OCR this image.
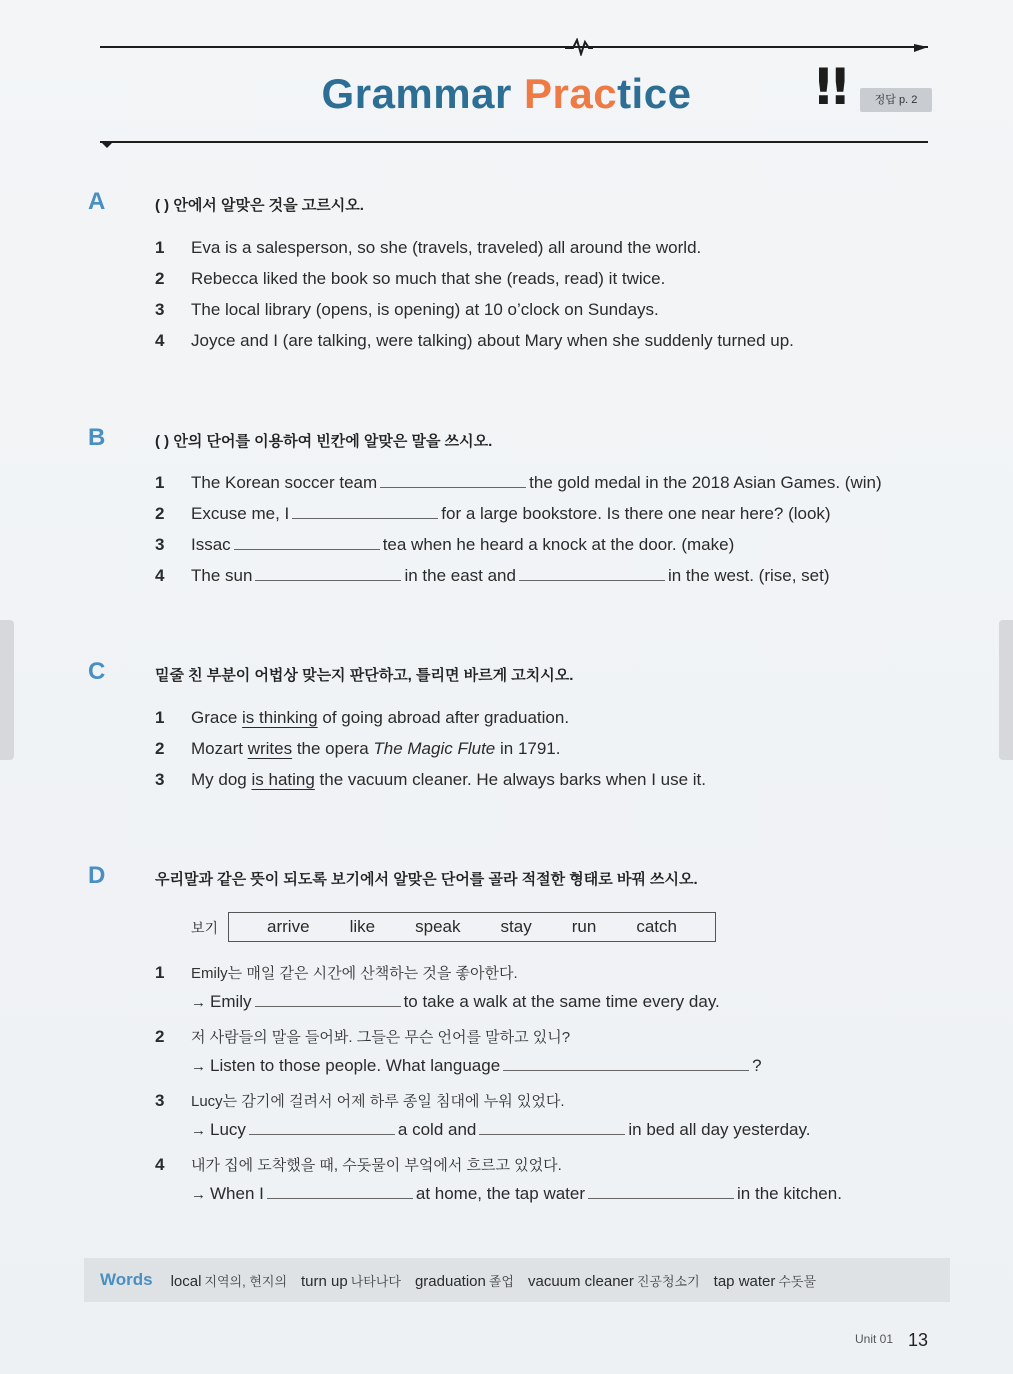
Grammar Practice	!!	정답 p. 2
A	( ) 안에서 알맞은 것을 고르시오.
1 Eva is a salesperson, so she (travels, traveled) all around the world.
2 Rebecca liked the book so much that she (reads, read) it twice.
3 The local library (opens, is opening) at 10 o’clock on Sundays.
4 Joyce and I (are talking, were talking) about Mary when she suddenly turned up.
B	( ) 안의 단어를 이용하여 빈칸에 알맞은 말을 쓰시오.
1 The Korean soccer team	the gold medal in the 2018 Asian Games. (win)
2 Excuse me, I	for a large bookstore. Is there one near here? (look)
3 Issac	tea when he heard a knock at the door. (make)
4 The sun	in the east and	in the west. (rise, set)
C	밑줄 친 부분이 어법상 맞는지 판단하고, 틀리면 바르게 고치시오.
1 Grace is thinking of going abroad after graduation.
2 Mozart writes the opera The Magic Flute in 1791.
3 My dog is hating the vacuum cleaner. He always barks when I use it.
D	우리말과 같은 뜻이 되도록 보기에서 알맞은 단어를 골라 적절한 형태로 바꿔 쓰시오.
보기	arrive like speak stay run catch
1 Emily는 매일 같은 시간에 산책하는 것을 좋아한다.
→ Emily	to take a walk at the same time every day.
2 저 사람들의 말을 들어봐. 그들은 무슨 언어를 말하고 있니?
→ Listen to those people. What language	?
3 Lucy는 감기에 걸려서 어제 하루 종일 침대에 누워 있었다.
→ Lucy	a cold and	in bed all day yesterday.
4 내가 집에 도착했을 때, 수돗물이 부엌에서 흐르고 있었다.
→ When I	at home, the tap water	in the kitchen.
Words local 지역의, 현지의 turn up 나타나다 graduation 졸업 vacuum cleaner 진공청소기 tap water 수돗물
Unit 01 13
